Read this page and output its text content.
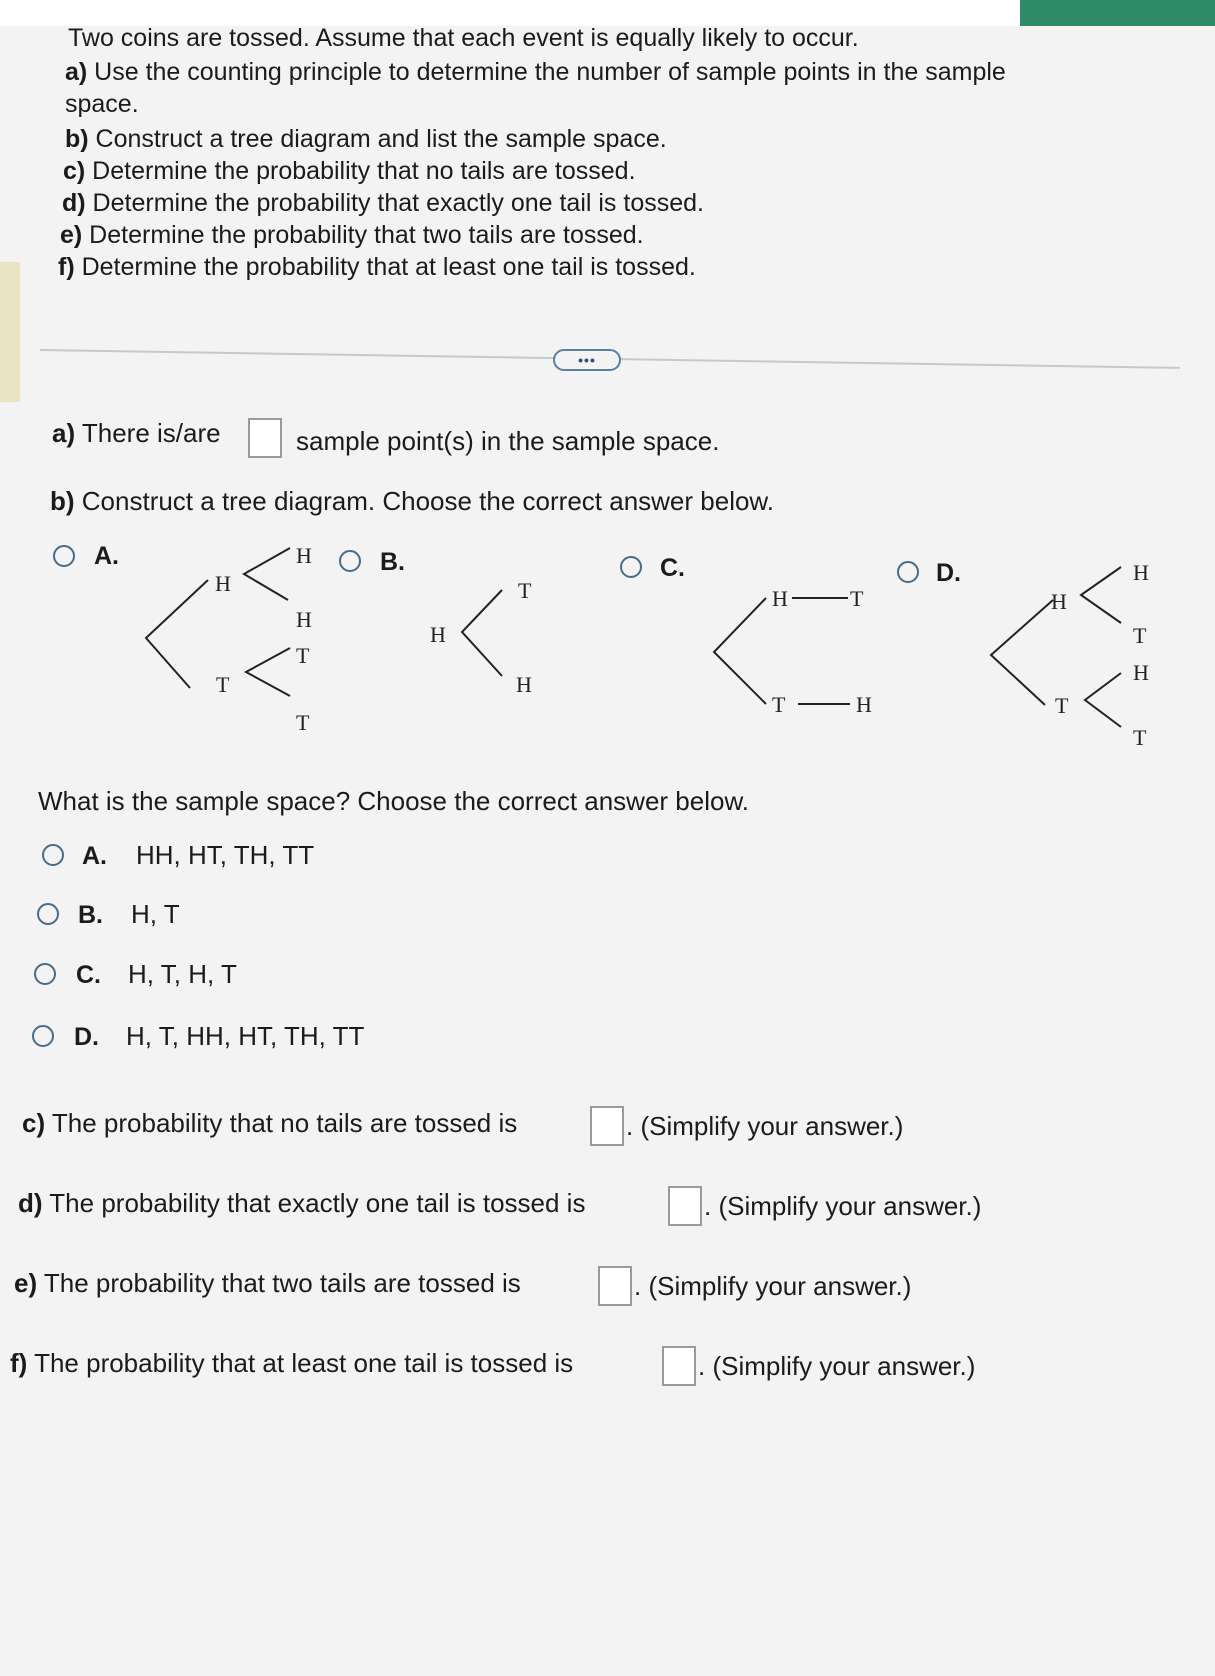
Two coins are tossed. Assume that each event is equally likely to occur.
a) Use the counting principle to determine the number of sample points in the sample
space.
b) Construct a tree diagram and list the sample space.
c) Determine the probability that no tails are tossed.
d) Determine the probability that exactly one tail is tossed.
e) Determine the probability that two tails are tossed.
f) Determine the probability that at least one tail is tossed.
•••
a) There is/are	sample point(s) in the sample space.
b) Construct a tree diagram. Choose the correct answer below.
A.
H
T
H
H
T
T
B.
H
T
H
C.
H
T
T
H
D.
H
T
H
T
H
T
What is the sample space? Choose the correct answer below.
A. HH, HT, TH, TT
B. H, T
C. H, T, H, T
D. H, T, HH, HT, TH, TT
c) The probability that no tails are tossed is	. (Simplify your answer.)
d) The probability that exactly one tail is tossed is	. (Simplify your answer.)
e) The probability that two tails are tossed is	. (Simplify your answer.)
f) The probability that at least one tail is tossed is	. (Simplify your answer.)
